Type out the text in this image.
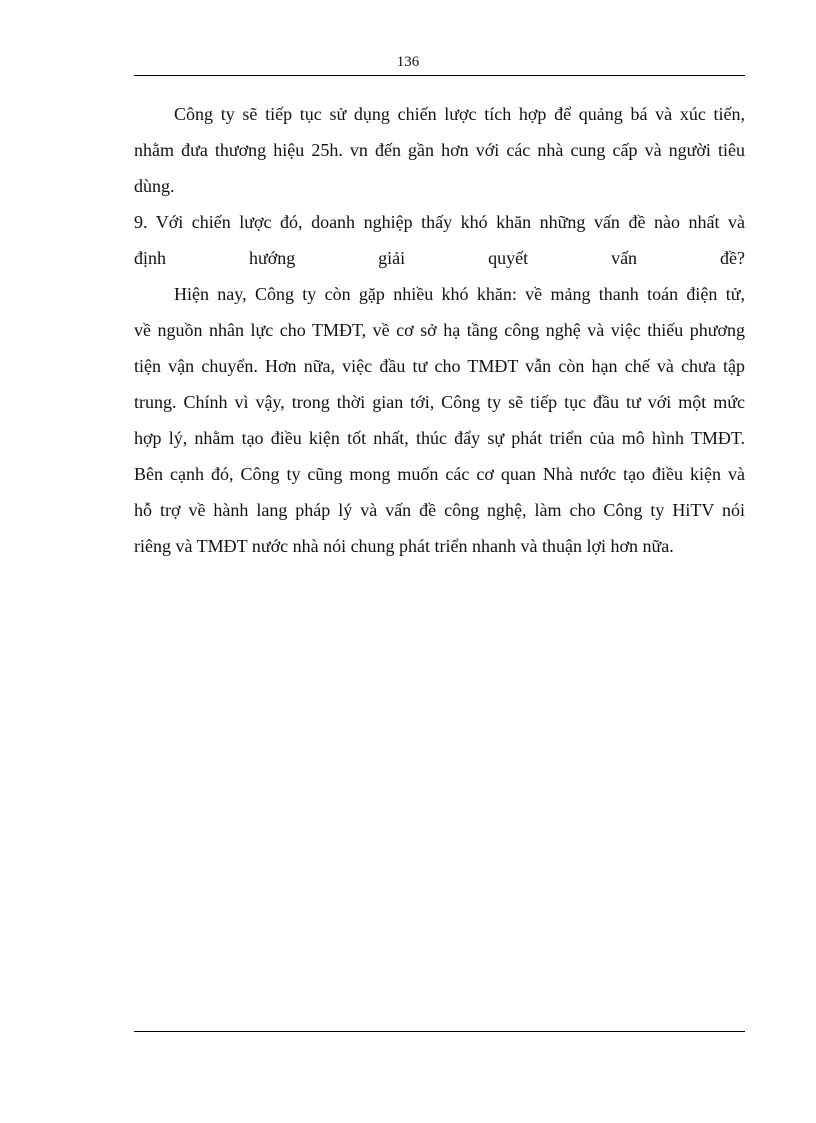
136
Công ty sẽ tiếp tục sử dụng chiến lược tích hợp để quảng bá và xúc tiến,
nhằm đưa thương hiệu 25h. vn đến gần hơn với các nhà cung cấp và người tiêu
dùng.
9. Với chiến lược đó, doanh nghiệp thấy khó khăn những vấn đề nào nhất và
định hướng giải quyết vấn đề?
Hiện nay, Công ty còn gặp nhiều khó khăn: về mảng thanh toán điện tử,
về nguồn nhân lực cho TMĐT, về cơ sở hạ tầng công nghệ và việc thiếu phương
tiện vận chuyển. Hơn nữa, việc đầu tư cho TMĐT vẫn còn hạn chế và chưa tập
trung. Chính vì vậy, trong thời gian tới, Công ty sẽ tiếp tục đầu tư với một mức
hợp lý, nhằm tạo điều kiện tốt nhất, thúc đẩy sự phát triển của mô hình TMĐT.
Bên cạnh đó, Công ty cũng mong muốn các cơ quan Nhà nước tạo điều kiện và
hỗ trợ về hành lang pháp lý và vấn đề công nghệ, làm cho Công ty HiTV nói
riêng và TMĐT nước nhà nói chung phát triển nhanh và thuận lợi hơn nữa.
